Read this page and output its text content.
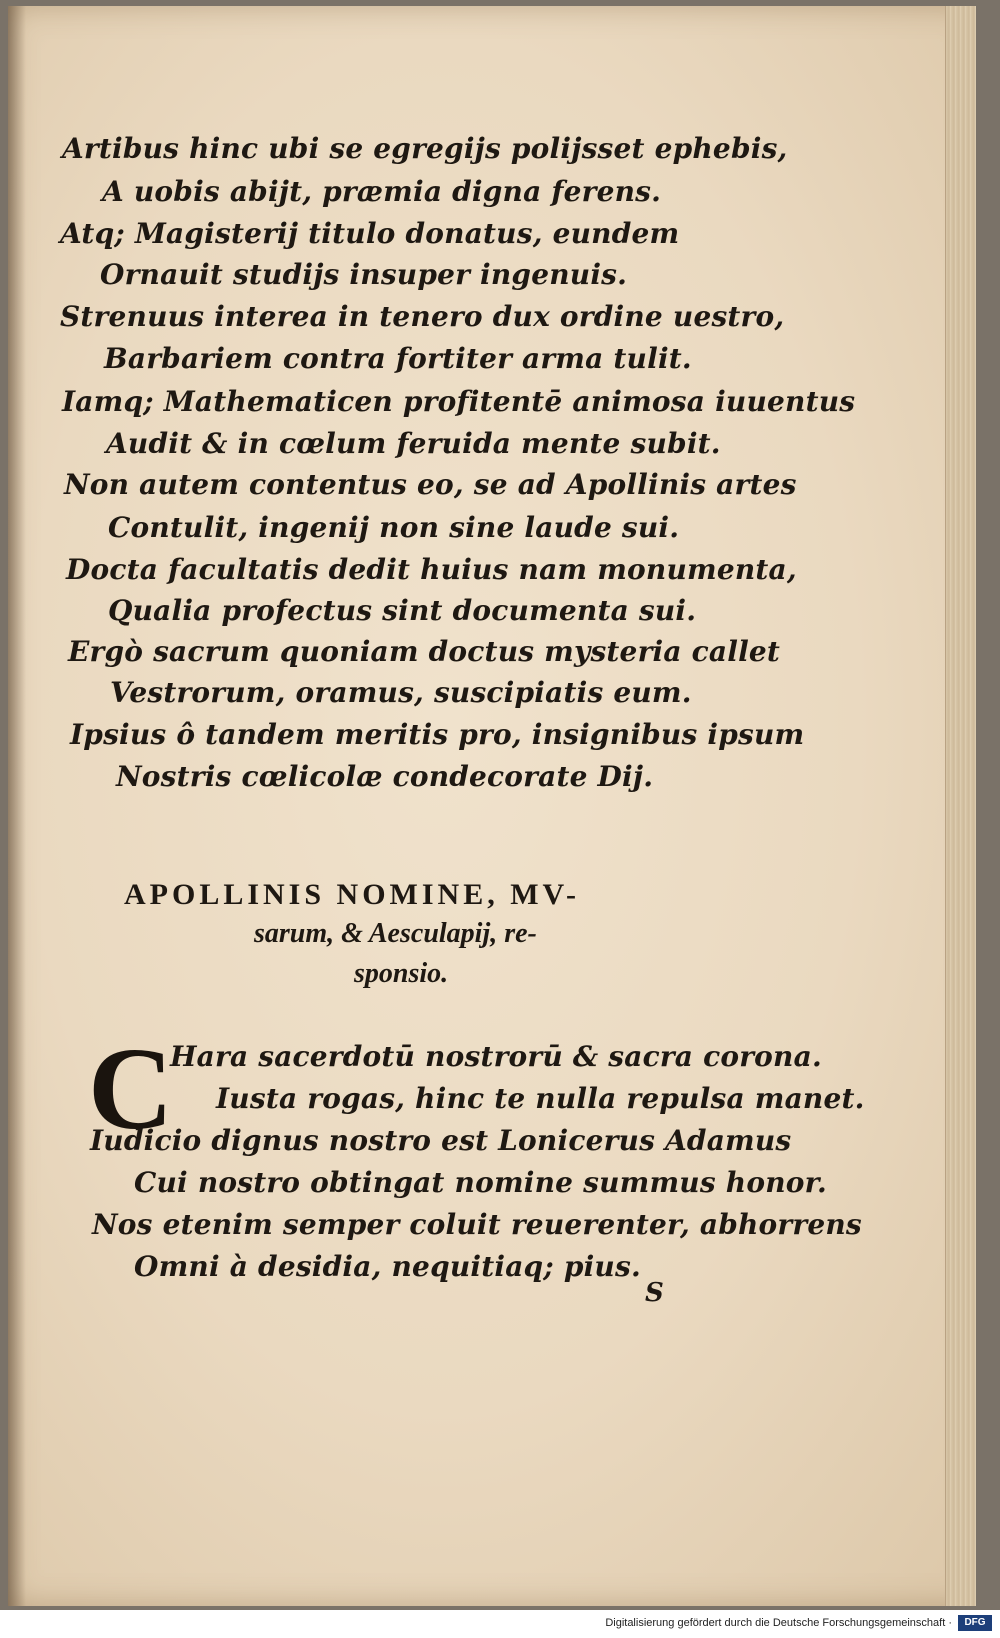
Artibus hinc ubi se egregijs polijsset ephebis,
A uobis abijt, præmia digna ferens.
Atq; Magisterij titulo donatus, eundem
Ornauit studijs insuper ingenuis.
Strenuus interea in tenero dux ordine uestro,
Barbariem contra fortiter arma tulit.
Iamq; Mathematicen profitentē animosa iuuentus
Audit & in cœlum feruida mente subit.
Non autem contentus eo, se ad Apollinis artes
Contulit, ingenij non sine laude sui.
Docta facultatis dedit huius nam monumenta,
Qualia profectus sint documenta sui.
Ergò sacrum quoniam doctus mysteria callet
Vestrorum, oramus, suscipiatis eum.
Ipsius ô tandem meritis pro, insignibus ipsum
Nostris cœlicolæ condecorate Dij.
APOLLINIS NOMINE, MV-
sarum, & Aesculapij, re-
sponsio.
C
Hara sacerdotū nostrorū & sacra corona.
Iusta rogas, hinc te nulla repulsa manet.
Iudicio dignus nostro est Lonicerus Adamus
Cui nostro obtingat nomine summus honor.
Nos etenim semper coluit reuerenter, abhorrens
Omni à desidia, nequitiaq; pius.
S
Digitalisierung gefördert durch die Deutsche Forschungsgemeinschaft ·	DFG
